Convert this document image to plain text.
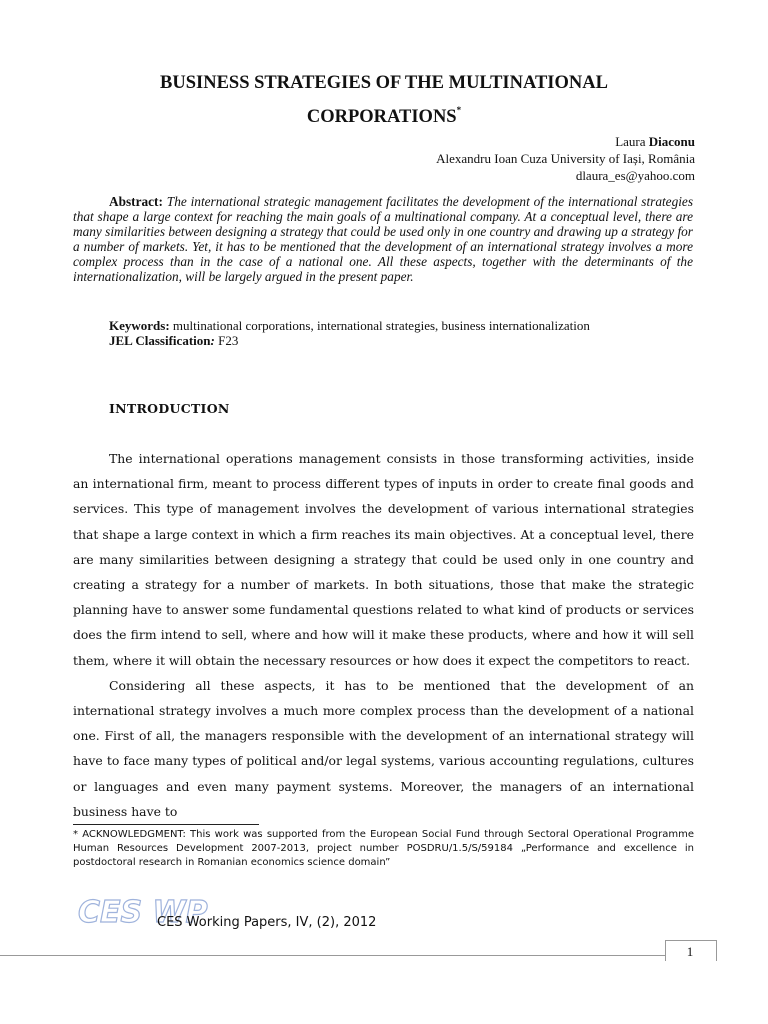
BUSINESS STRATEGIES OF THE MULTINATIONAL
CORPORATIONS*
Laura Diaconu
Alexandru Ioan Cuza University of Iași, România
dlaura_es@yahoo.com
Abstract: The international strategic management facilitates the development of the international strategies that shape a large context for reaching the main goals of a multinational company. At a conceptual level, there are many similarities between designing a strategy that could be used only in one country and drawing up a strategy for a number of markets. Yet, it has to be mentioned that the development of an international strategy involves a more complex process than in the case of a national one. All these aspects, together with the determinants of the internationalization, will be largely argued in the present paper.
Keywords: multinational corporations, international strategies, business internationalization
JEL Classification: F23
INTRODUCTION

The international operations management consists in those transforming activities, inside an international firm, meant to process different types of inputs in order to create final goods and services. This type of management involves the development of various international strategies that shape a large context in which a firm reaches its main objectives. At a conceptual level, there are many similarities between designing a strategy that could be used only in one country and creating a strategy for a number of markets. In both situations, those that make the strategic planning have to answer some fundamental questions related to what kind of products or services does the firm intend to sell, where and how will it make these products, where and how it will sell them, where it will obtain the necessary resources or how does it expect the competitors to react.

Considering all these aspects, it has to be mentioned that the development of an international strategy involves a much more complex process than the development of a national one. First of all, the managers responsible with the development of an international strategy will have to face many types of political and/or legal systems, various accounting regulations, cultures or languages and even many payment systems. Moreover, the managers of an international business have to

* ACKNOWLEDGMENT: This work was supported from the European Social Fund through Sectoral Operational Programme Human Resources Development 2007-2013, project number POSDRU/1.5/S/59184 „Performance and excellence in postdoctoral research in Romanian economics science domain”
CES WP
CES Working Papers, IV, (2), 2012
1
